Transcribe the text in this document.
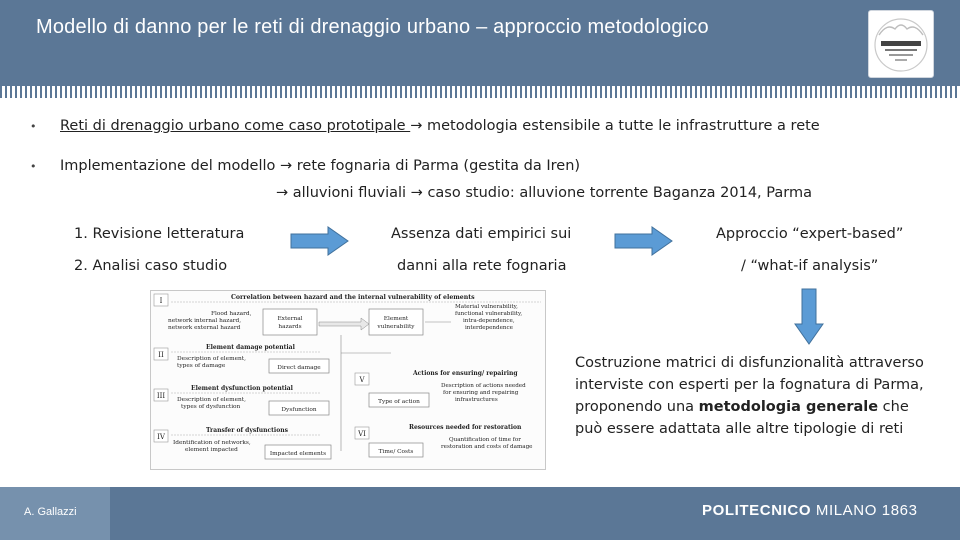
Modello di danno per le reti di drenaggio urbano – approccio metodologico
• Reti di drenaggio urbano come caso prototipale → metodologia estensibile a tutte le infrastrutture a rete
• Implementazione del modello → rete fognaria di Parma (gestita da Iren)
→ alluvioni fluviali → caso studio: alluvione torrente Baganza 2014, Parma
1. Revisione letteratura
2. Analisi caso studio
Assenza dati empirici sui
danni alla rete fognaria
Approccio “expert-based”
/ “what-if analysis”
I
II
III
IV
Correlation between hazard and the internal vulnerability of elements
Flood hazard,
network internal hazard,
network external hazard
External
hazards
Element
vulnerability
Material vulnerability,
functional vulnerability,
intra-dependence,
interdependence
Element damage potential
Description of element,
types of damage	Direct damage
Element dysfunction potential
Description of element,
types of dysfunction	Dysfunction
Transfer of dysfunctions
Identification of networks,
element impacted
Impacted elements
V
Actions for ensuring/ repairing
Description of actions needed
for ensuring and repairing
infrastructures
Type of action
VI
Resources needed for restoration
Quantification of time for
restoration and costs of damage
Time/ Costs
Costruzione matrici di disfunzionalità attraverso interviste con esperti per la fognatura di Parma, proponendo una metodologia generale che può essere adattata alle altre tipologie di reti
A. Gallazzi	POLITECNICO MILANO 1863
